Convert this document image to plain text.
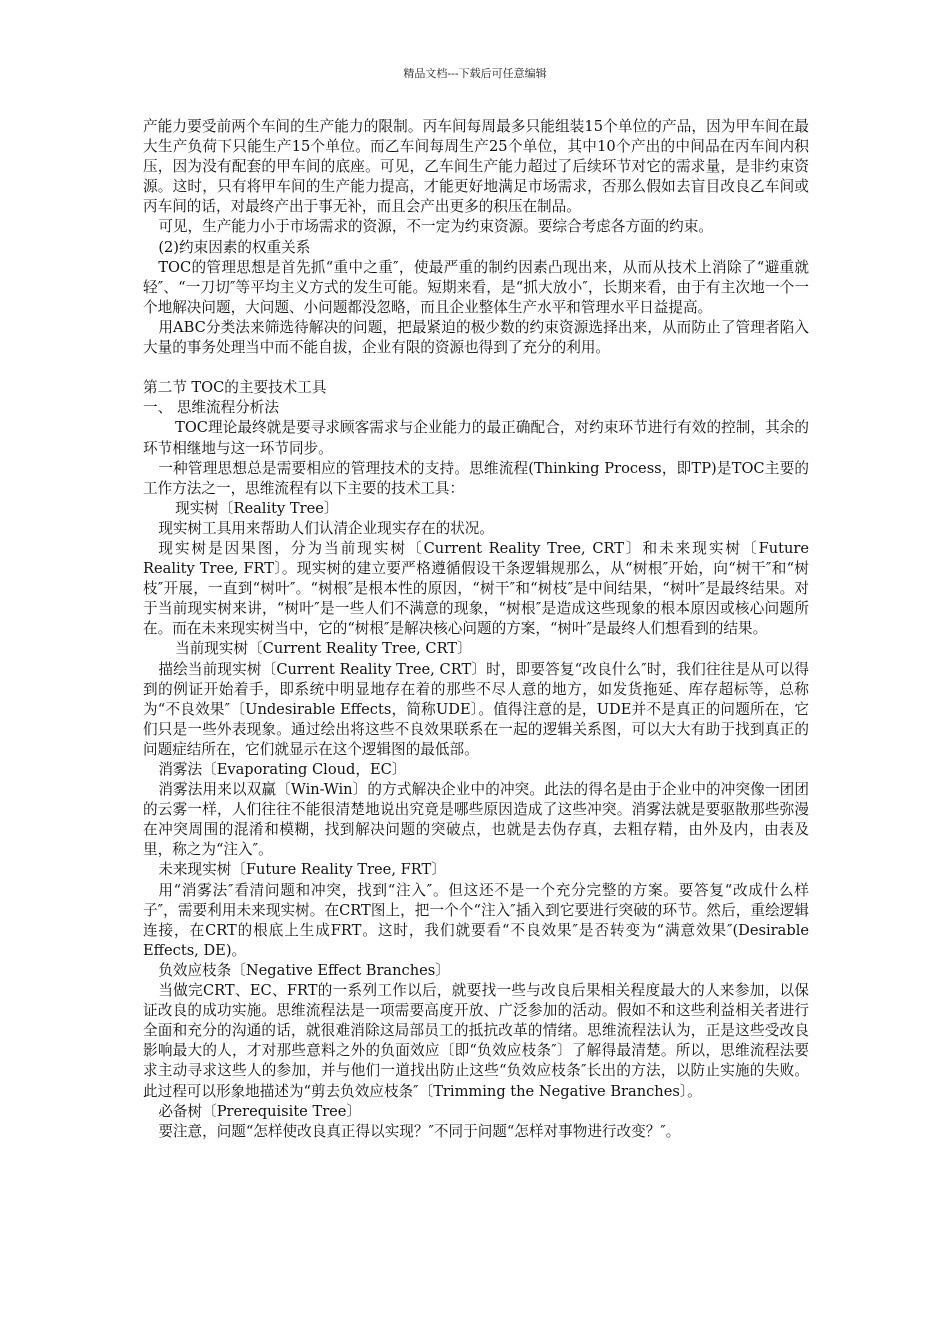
精品文档---下载后可任意编辑

产能力要受前两个车间的生产能力的限制。丙车间每周最多只能组装15个单位的产品，因为甲车间在最大生产负荷下只能生产15个单位。而乙车间每周生产25个单位，其中10个产出的中间品在丙车间内积压，因为没有配套的甲车间的底座。可见，乙车间生产能力超过了后续环节对它的需求量，是非约束资源。这时，只有将甲车间的生产能力提高，才能更好地满足市场需求，否那么假如去盲目改良乙车间或丙车间的话，对最终产出于事无补，而且会产出更多的积压在制品。

可见，生产能力小于市场需求的资源，不一定为约束资源。要综合考虑各方面的约束。

(2)约束因素的权重关系

TOC的管理思想是首先抓“重中之重″，使最严重的制约因素凸现出来，从而从技术上消除了“避重就轻″、“一刀切″等平均主义方式的发生可能。短期来看，是“抓大放小″，长期来看，由于有主次地一个一个地解决问题，大问题、小问题都没忽略，而且企业整体生产水平和管理水平日益提高。

用ABC分类法来筛选待解决的问题，把最紧迫的极少数的约束资源选择出来，从而防止了管理者陷入大量的事务处理当中而不能自拔，企业有限的资源也得到了充分的利用。

第二节 TOC的主要技术工具

一、 思维流程分析法

TOC理论最终就是要寻求顾客需求与企业能力的最正确配合，对约束环节进行有效的控制，其余的环节相继地与这一环节同步。

一种管理思想总是需要相应的管理技术的支持。思维流程(Thinking Process，即TP)是TOC主要的工作方法之一，思维流程有以下主要的技术工具：

现实树〔Reality Tree〕

现实树工具用来帮助人们认清企业现实存在的状况。

现实树是因果图，分为当前现实树〔Current Reality Tree, CRT〕和未来现实树〔Future Reality Tree, FRT〕。现实树的建立要严格遵循假设干条逻辑规那么，从“树根″开始，向“树干″和“树枝″开展，一直到“树叶″。“树根″是根本性的原因，“树干″和“树枝″是中间结果，“树叶″是最终结果。对于当前现实树来讲，“树叶″是一些人们不满意的现象，“树根″是造成这些现象的根本原因或核心问题所在。而在未来现实树当中，它的“树根″是解决核心问题的方案，“树叶″是最终人们想看到的结果。

当前现实树〔Current Reality Tree, CRT〕

描绘当前现实树〔Current Reality Tree, CRT〕时，即要答复“改良什么″时，我们往往是从可以得到的例证开始着手，即系统中明显地存在着的那些不尽人意的地方，如发货拖延、库存超标等，总称为“不良效果″〔Undesirable Effects，简称UDE〕。值得注意的是，UDE并不是真正的问题所在，它们只是一些外表现象。通过绘出将这些不良效果联系在一起的逻辑关系图，可以大大有助于找到真正的问题症结所在，它们就显示在这个逻辑图的最低部。

消雾法〔Evaporating Cloud，EC〕

消雾法用来以双赢〔Win-Win〕的方式解决企业中的冲突。此法的得名是由于企业中的冲突像一团团的云雾一样，人们往往不能很清楚地说出究竟是哪些原因造成了这些冲突。消雾法就是要驱散那些弥漫在冲突周围的混淆和模糊，找到解决问题的突破点，也就是去伪存真，去粗存精，由外及内，由表及里，称之为“注入″。

未来现实树〔Future Reality Tree, FRT〕

用“消雾法″看清问题和冲突，找到“注入″。但这还不是一个充分完整的方案。要答复“改成什么样子″，需要利用未来现实树。在CRT图上，把一个个“注入″插入到它要进行突破的环节。然后，重绘逻辑连接，在CRT的根底上生成FRT。这时，我们就要看“不良效果″是否转变为“满意效果″(Desirable Effects, DE)。

负效应枝条〔Negative Effect Branches〕

当做完CRT、EC、FRT的一系列工作以后，就要找一些与改良后果相关程度最大的人来参加，以保证改良的成功实施。思维流程法是一项需要高度开放、广泛参加的活动。假如不和这些利益相关者进行全面和充分的沟通的话，就很难消除这局部员工的抵抗改革的情绪。思维流程法认为，正是这些受改良影响最大的人，才对那些意料之外的负面效应〔即“负效应枝条″〕了解得最清楚。所以，思维流程法要求主动寻求这些人的参加，并与他们一道找出防止这些“负效应枝条″长出的方法，以防止实施的失败。此过程可以形象地描述为“剪去负效应枝条″〔Trimming the Negative Branches〕。

必备树〔Prerequisite Tree〕

要注意，问题“怎样使改良真正得以实现？″不同于问题“怎样对事物进行改变？″。
